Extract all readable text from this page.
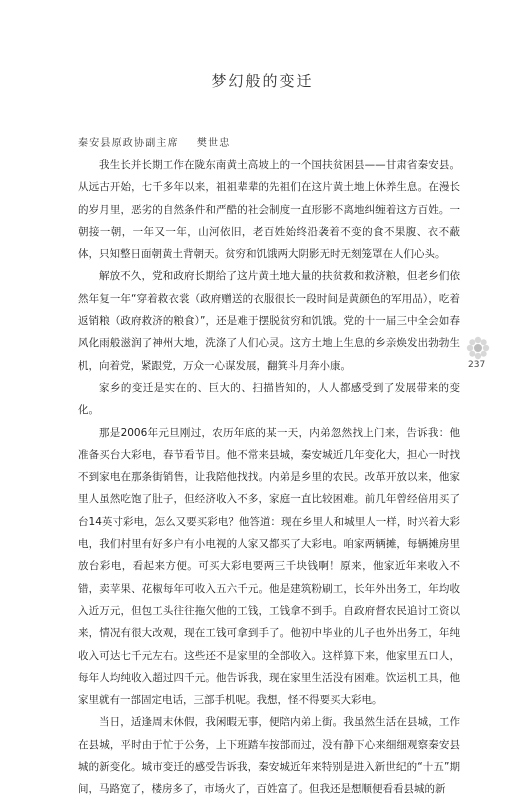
梦幻般的变迁
秦安县原政协副主席 樊世忠

我生长并长期工作在陇东南黄土高坡上的一个国扶贫困县——甘肃省秦安县。从远古开始，七千多年以来，祖祖辈辈的先祖们在这片黄土地上休养生息。在漫长的岁月里，恶劣的自然条件和严酷的社会制度一直形影不离地纠缠着这方百姓。一朝接一朝，一年又一年，山河依旧，老百姓始终沿袭着不变的食不果腹、衣不蔽体，只知整日面朝黄土背朝天。贫穷和饥饿两大阴影无时无刻笼罩在人们心头。

解放不久，党和政府长期给了这片黄土地大量的扶贫救和救济粮，但老乡们依然年复一年“穿着救衣裳（政府赠送的衣服很长一段时间是黄颜色的军用品），吃着返销粮（政府救济的粮食）”，还是难于摆脱贫穷和饥饿。党的十一届三中全会如春风化雨般滋润了神州大地，洗涤了人们心灵。这方土地上生息的乡亲焕发出勃勃生机，向着党，紧跟党，万众一心谋发展，翻箕斗月奔小康。

家乡的变迁是实在的、巨大的、扫描皆知的，人人都感受到了发展带来的变化。

那是2006年元旦刚过，农历年底的某一天，内弟忽然找上门来，告诉我：他准备买台大彩电，春节看节目。他不常来县城，秦安城近几年变化大，担心一时找不到家电在那条街销售，让我陪他找找。内弟是乡里的农民。改革开放以来，他家里人虽然吃饱了肚子，但经济收入不多，家庭一直比较困难。前几年曾经倍用买了台14英寸彩电，怎么又要买彩电？他答道：现在乡里人和城里人一样，时兴着大彩电，我们村里有好多户有小电视的人家又都买了大彩电。咱家两辆摊，每辆摊房里放台彩电，看起来方便。可买大彩电要两三千块钱啊！原来，他家近年来收入不错，卖苹果、花椒每年可收入五六千元。他是建筑粉刷工，长年外出务工，年均收入近万元，但包工头往往拖欠他的工钱，工钱拿不到手。自政府督农民追讨工资以来，情况有很大改观，现在工钱可拿到手了。他初中毕业的儿子也外出务工，年纯收入可达七千元左右。这些还不是家里的全部收入。这样算下来，他家里五口人，每年人均纯收入超过四千元。他告诉我，现在家里生活没有困难。饮运机工具，他家里就有一部固定电话，三部手机呢。我想，怪不得要买大彩电。

当日，适逢周末休假，我闲暇无事，便陪内弟上街。我虽然生活在县城，工作在县城，平时由于忙于公务，上下班踏车按部而过，没有静下心来细细观察秦安县城的新变化。城市变迁的感受告诉我，秦安城近年来特别是进入新世纪的“十五”期间，马路宽了，楼房多了，市场火了，百姓富了。但我还是想顺便看看县城的新

237
